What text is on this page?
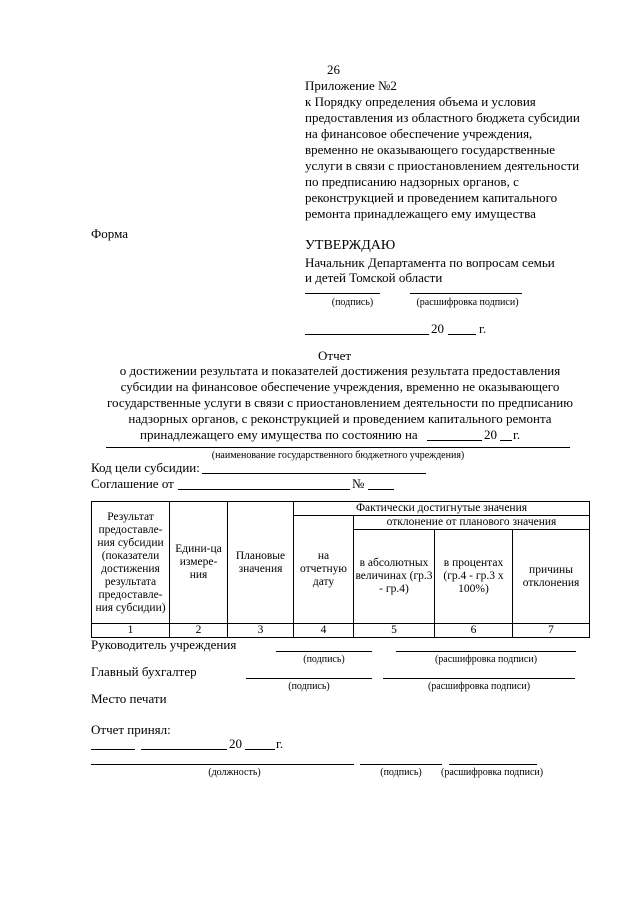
26
Приложение №2
к Порядку определения объема и условия
предоставления из областного бюджета субсидии
на финансовое обеспечение учреждения,
временно не оказывающего государственные
услуги в связи с приостановлением деятельности
по предписанию надзорных органов, с
реконструкцией и проведением капитального
ремонта принадлежащего ему имущества
Форма
УТВЕРЖДАЮ
Начальник Департамента по вопросам семьи
и детей Томской области
(подпись)	(расшифровка подписи)
20	г.
Отчет
о достижении результата и показателей достижения результата предоставления
субсидии на финансовое обеспечение учреждения, временно не оказывающего
государственные услуги в связи с приостановлением деятельности по предписанию
надзорных органов, с реконструкцией и проведением капитального ремонта
принадлежащего ему имущества по состоянию на	20 г.
(наименование государственного бюджетного учреждения)
Код цели субсидии:
Соглашение от	№
Результат предоставле-ния субсидии (показатели достижения результата предоставле-ния субсидии)	Едини-ца измере-ния	Плановые значения	Фактически достигнутые значения			
			на отчетную дату	отклонение от планового значения		
				в абсолютных величинах (гр.3 - гр.4)	в процентах (гр.4 - гр.3 х 100%)	причины отклонения
1	2	3	4	5	6	7
Руководитель учреждения
(подпись)	(расшифровка подписи)
Главный бухгалтер
(подпись)	(расшифровка подписи)
Место печати
Отчет принял:
20	г.
(должность)	(подпись)	(расшифровка подписи)
